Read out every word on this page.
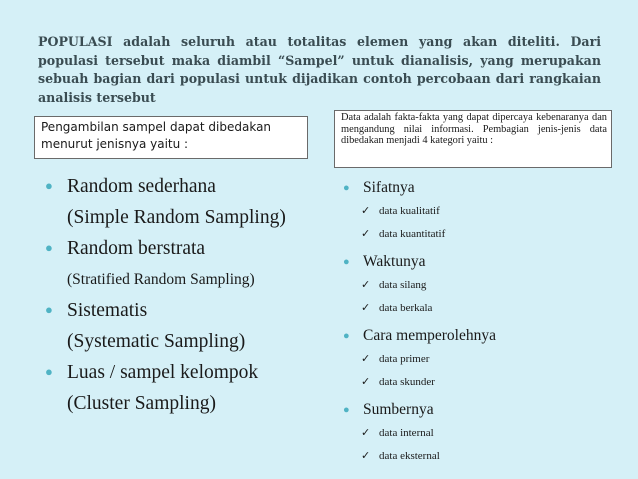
POPULASI adalah seluruh atau totalitas elemen yang akan diteliti. Dari populasi tersebut maka diambil “Sampel” untuk dianalisis, yang merupakan sebuah bagian dari populasi untuk dijadikan contoh percobaan dari rangkaian analisis tersebut
Pengambilan sampel dapat dibedakan menurut jenisnya yaitu :
Data adalah fakta-fakta yang dapat dipercaya kebenaranya dan mengandung nilai informasi. Pembagian jenis-jenis data dibedakan menjadi 4 kategori yaitu :
● Random sederhana
(Simple Random Sampling)
● Random berstrata
(Stratified Random Sampling)
● Sistematis
(Systematic Sampling)
● Luas / sampel kelompok
(Cluster Sampling)
● Sifatnya
✓ data kualitatif
✓ data kuantitatif
● Waktunya
✓ data silang
✓ data berkala
● Cara memperolehnya
✓ data primer
✓ data skunder
● Sumbernya
✓ data internal
✓ data eksternal
